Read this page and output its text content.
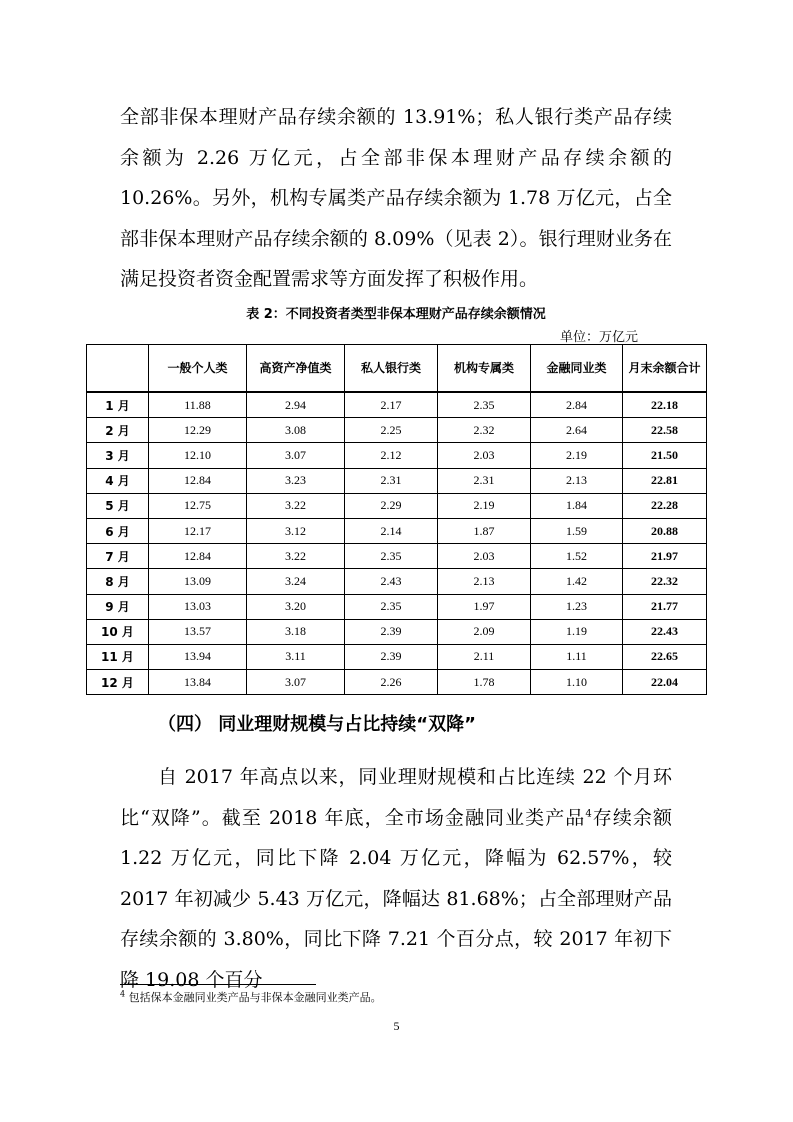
全部非保本理财产品存续余额的 13.91%；私人银行类产品存续余额为 2.26 万亿元，占全部非保本理财产品存续余额的 10.26%。另外，机构专属类产品存续余额为 1.78 万亿元，占全部非保本理财产品存续余额的 8.09%（见表 2）。银行理财业务在满足投资者资金配置需求等方面发挥了积极作用。

表 2：不同投资者类型非保本理财产品存续余额情况

单位：万亿元

	一般个人类	高资产净值类	私人银行类	机构专属类	金融同业类	月末余额合计
1 月	11.88	2.94	2.17	2.35	2.84	22.18
2 月	12.29	3.08	2.25	2.32	2.64	22.58
3 月	12.10	3.07	2.12	2.03	2.19	21.50
4 月	12.84	3.23	2.31	2.31	2.13	22.81
5 月	12.75	3.22	2.29	2.19	1.84	22.28
6 月	12.17	3.12	2.14	1.87	1.59	20.88
7 月	12.84	3.22	2.35	2.03	1.52	21.97
8 月	13.09	3.24	2.43	2.13	1.42	22.32
9 月	13.03	3.20	2.35	1.97	1.23	21.77
10 月	13.57	3.18	2.39	2.09	1.19	22.43
11 月	13.94	3.11	2.39	2.11	1.11	22.65
12 月	13.84	3.07	2.26	1.78	1.10	22.04

（四） 同业理财规模与占比持续“双降”

自 2017 年高点以来，同业理财规模和占比连续 22 个月环比“双降”。截至 2018 年底，全市场金融同业类产品$^4$存续余额 1.22 万亿元，同比下降 2.04 万亿元，降幅为 62.57%，较 2017 年初减少 5.43 万亿元，降幅达 81.68%；占全部理财产品存续余额的 3.80%，同比下降 7.21 个百分点，较 2017 年初下降 19.08 个百分

$^4$ 包括保本金融同业类产品与非保本金融同业类产品。

5
